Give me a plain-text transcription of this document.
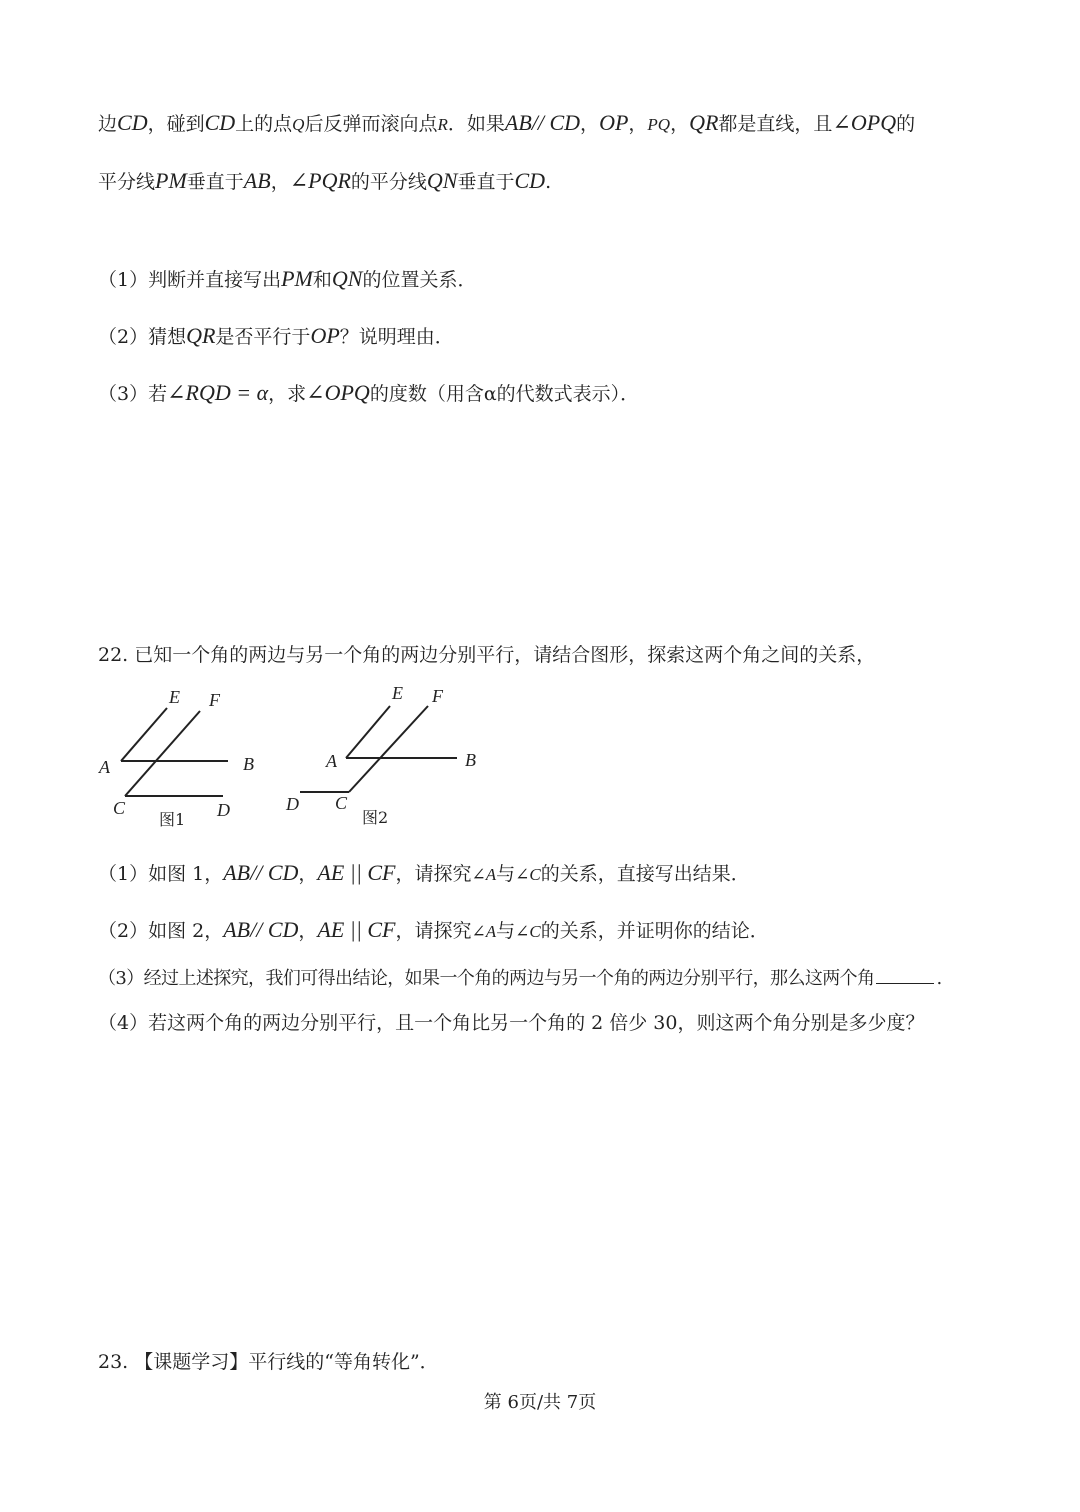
边CD，碰到CD上的点Q后反弹而滚向点R．如果AB// CD，OP，PQ，QR都是直线，且∠OPQ的
平分线PM垂直于AB，∠PQR的平分线QN垂直于CD.
（1）判断并直接写出PM和QN的位置关系．
（2）猜想QR是否平行于OP？说明理由．
（3）若∠RQD = α，求∠OPQ的度数（用含α的代数式表示）．
22. 已知一个角的两边与另一个角的两边分别平行，请结合图形，探索这两个角之间的关系，
E F
A	B
C	D
图1
E F
A	B
D C
图2
（1）如图 1，AB// CD，AE || CF，请探究∠A与∠C的关系，直接写出结果．
（2）如图 2，AB// CD，AE || CF，请探究∠A与∠C的关系，并证明你的结论．
（3）经过上述探究，我们可得出结论，如果一个角的两边与另一个角的两边分别平行，那么这两个角	.
（4）若这两个角的两边分别平行，且一个角比另一个角的 2 倍少 30，则这两个角分别是多少度？
23. 【课题学习】平行线的“等角转化”．
第 6页/共 7页
